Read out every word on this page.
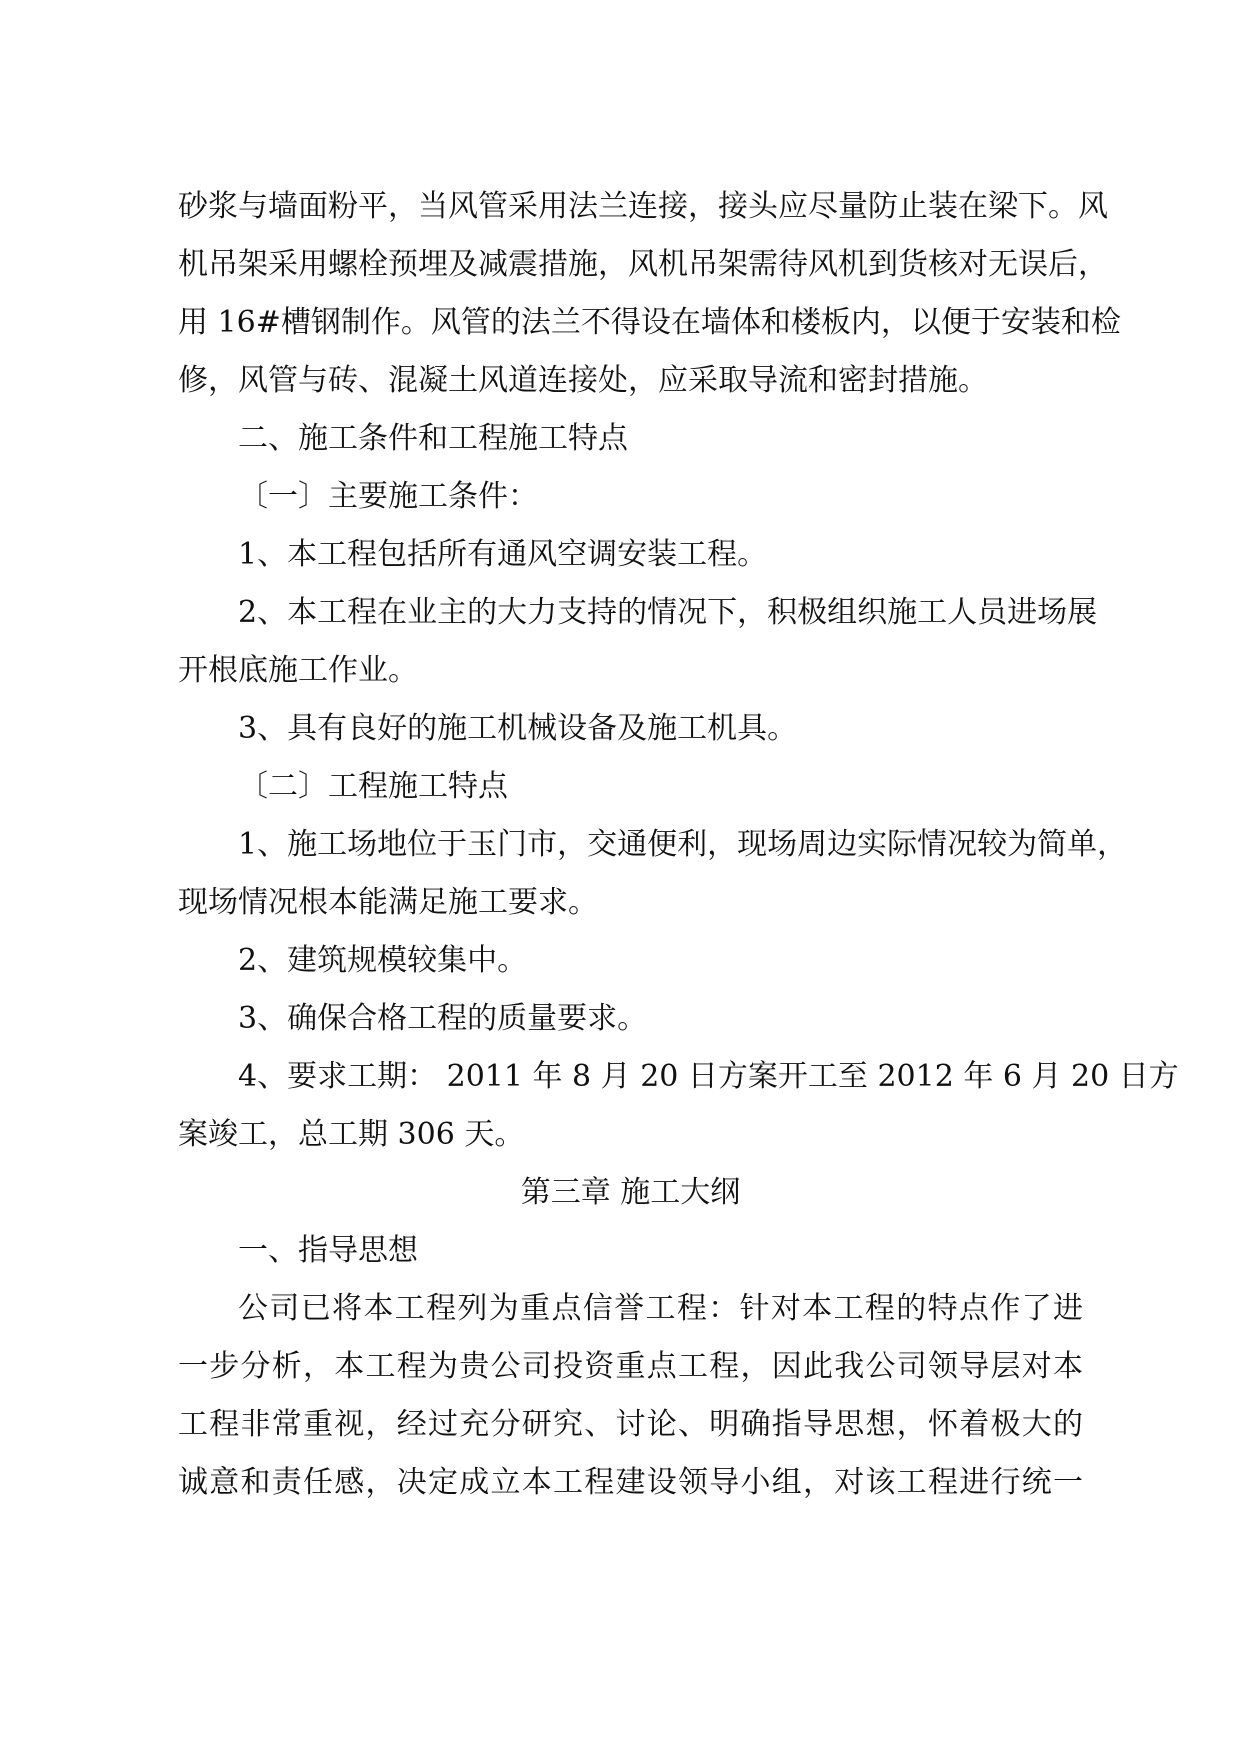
砂浆与墙面粉平，当风管采用法兰连接，接头应尽量防止装在梁下。风
机吊架采用螺栓预埋及减震措施，风机吊架需待风机到货核对无误后，
用 16#槽钢制作。风管的法兰不得设在墙体和楼板内，以便于安装和检
修，风管与砖、混凝土风道连接处，应采取导流和密封措施。
二、施工条件和工程施工特点
〔一〕主要施工条件：
1、本工程包括所有通风空调安装工程。
2、本工程在业主的大力支持的情况下，积极组织施工人员进场展
开根底施工作业。
3、具有良好的施工机械设备及施工机具。
〔二〕工程施工特点
1、施工场地位于玉门市，交通便利，现场周边实际情况较为简单，
现场情况根本能满足施工要求。
2、建筑规模较集中。
3、确保合格工程的质量要求。
4、要求工期： 2011 年 8 月 20 日方案开工至 2012 年 6 月 20 日方
案竣工，总工期 306 天。
第三章 施工大纲
一、指导思想
公司已将本工程列为重点信誉工程：针对本工程的特点作了进
一步分析，本工程为贵公司投资重点工程，因此我公司领导层对本
工程非常重视，经过充分研究、讨论、明确指导思想，怀着极大的
诚意和责任感，决定成立本工程建设领导小组，对该工程进行统一
